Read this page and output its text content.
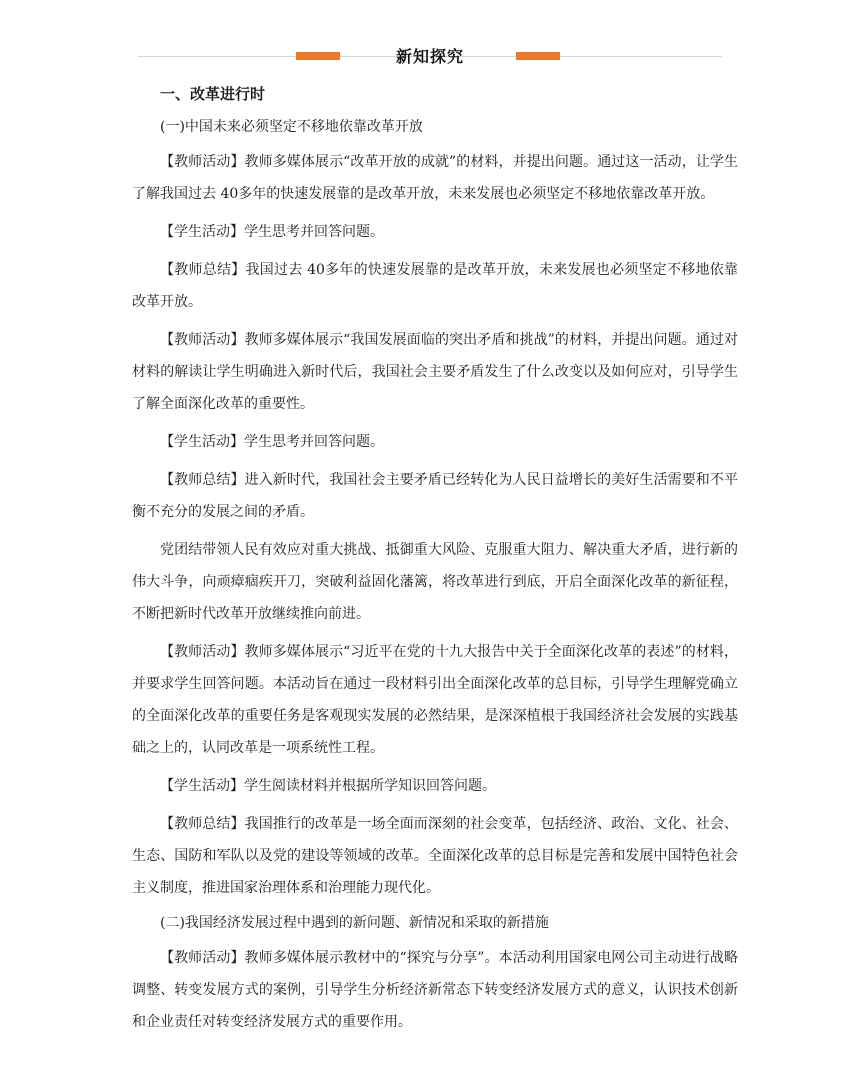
新知探究
一、改革进行时
(一)中国未来必须坚定不移地依靠改革开放
【教师活动】教师多媒体展示“改革开放的成就”的材料，并提出问题。通过这一活动，让学生了解我国过去 40多年的快速发展靠的是改革开放，未来发展也必须坚定不移地依靠改革开放。
【学生活动】学生思考并回答问题。
【教师总结】我国过去 40多年的快速发展靠的是改革开放，未来发展也必须坚定不移地依靠改革开放。
【教师活动】教师多媒体展示“我国发展面临的突出矛盾和挑战”的材料，并提出问题。通过对材料的解读让学生明确进入新时代后，我国社会主要矛盾发生了什么改变以及如何应对，引导学生了解全面深化改革的重要性。
【学生活动】学生思考并回答问题。
【教师总结】进入新时代，我国社会主要矛盾已经转化为人民日益增长的美好生活需要和不平衡不充分的发展之间的矛盾。
党团结带领人民有效应对重大挑战、抵御重大风险、克服重大阻力、解决重大矛盾，进行新的伟大斗争，向顽瘴痼疾开刀，突破利益固化藩篱，将改革进行到底，开启全面深化改革的新征程，不断把新时代改革开放继续推向前进。
【教师活动】教师多媒体展示“习近平在党的十九大报告中关于全面深化改革的表述”的材料，并要求学生回答问题。本活动旨在通过一段材料引出全面深化改革的总目标，引导学生理解党确立的全面深化改革的重要任务是客观现实发展的必然结果，是深深植根于我国经济社会发展的实践基础之上的，认同改革是一项系统性工程。
【学生活动】学生阅读材料并根据所学知识回答问题。
【教师总结】我国推行的改革是一场全面而深刻的社会变革，包括经济、政治、文化、社会、生态、国防和军队以及党的建设等领域的改革。全面深化改革的总目标是完善和发展中国特色社会主义制度，推进国家治理体系和治理能力现代化。
(二)我国经济发展过程中遇到的新问题、新情况和采取的新措施
【教师活动】教师多媒体展示教材中的“探究与分享”。本活动利用国家电网公司主动进行战略调整、转变发展方式的案例，引导学生分析经济新常态下转变经济发展方式的意义，认识技术创新和企业责任对转变经济发展方式的重要作用。
